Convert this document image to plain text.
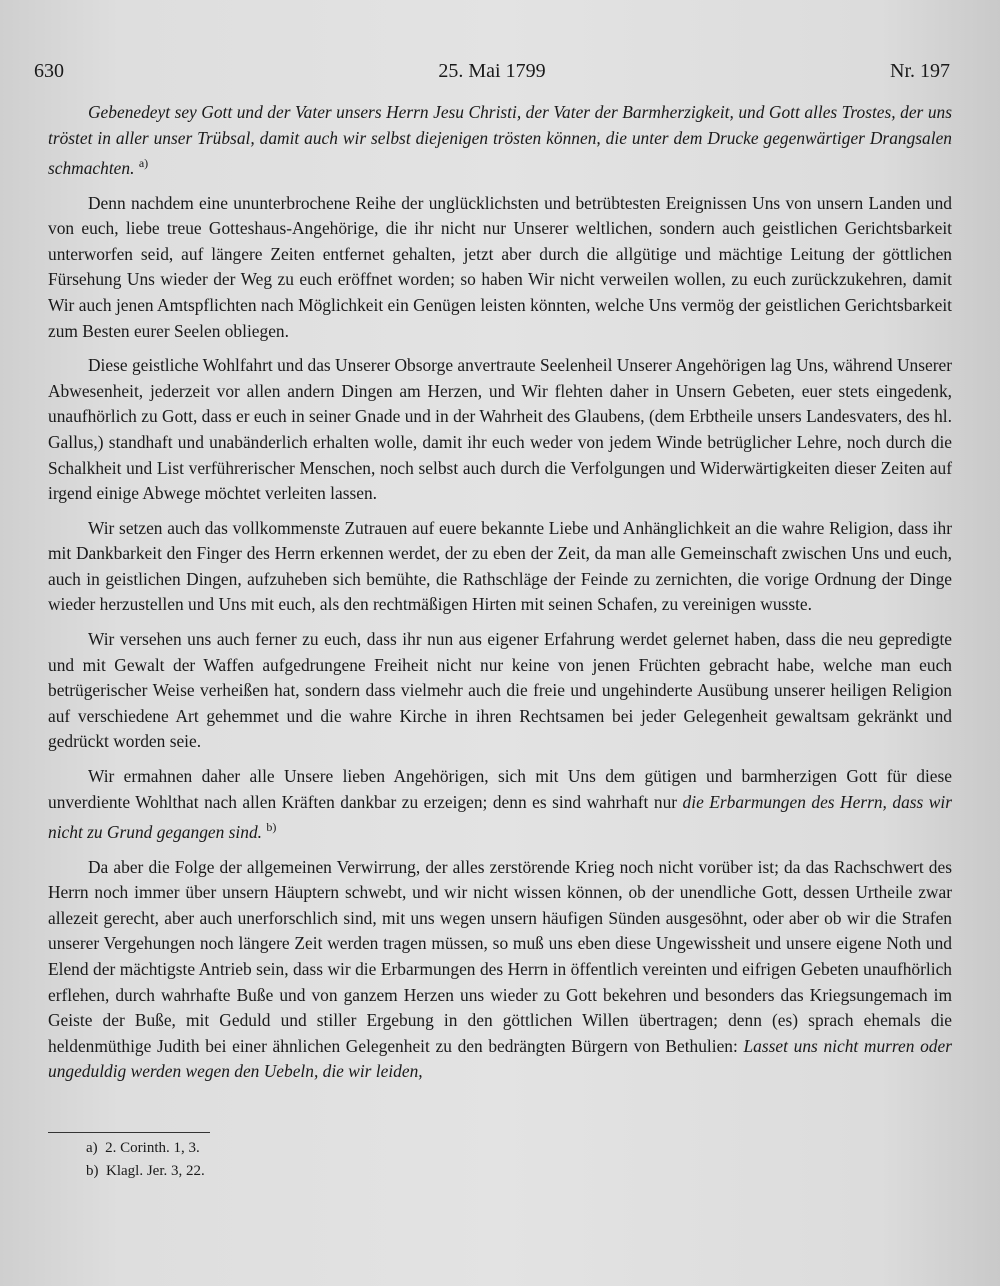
630	25. Mai 1799	Nr. 197

Gebenedeyt sey Gott und der Vater unsers Herrn Jesu Christi, der Vater der Barmherzigkeit, und Gott alles Trostes, der uns tröstet in aller unser Trübsal, damit auch wir selbst diejenigen trösten können, die unter dem Drucke gegenwärtiger Drangsalen schmachten. $^{a)}$

Denn nachdem eine ununterbrochene Reihe der unglücklichsten und betrübtesten Ereignissen Uns von unsern Landen und von euch, liebe treue Gotteshaus-Angehörige, die ihr nicht nur Unserer weltlichen, sondern auch geistlichen Gerichtsbarkeit unterworfen seid, auf längere Zeiten entfernet gehalten, jetzt aber durch die allgütige und mächtige Leitung der göttlichen Fürsehung Uns wieder der Weg zu euch eröffnet worden; so haben Wir nicht verweilen wollen, zu euch zurückzukehren, damit Wir auch jenen Amtspflichten nach Möglichkeit ein Genügen leisten könnten, welche Uns vermög der geistlichen Gerichtsbarkeit zum Besten eurer Seelen obliegen.

Diese geistliche Wohlfahrt und das Unserer Obsorge anvertraute Seelenheil Unserer Angehörigen lag Uns, während Unserer Abwesenheit, jederzeit vor allen andern Dingen am Herzen, und Wir flehten daher in Unsern Gebeten, euer stets eingedenk, unaufhörlich zu Gott, dass er euch in seiner Gnade und in der Wahrheit des Glaubens, (dem Erbtheile unsers Landesvaters, des hl. Gallus,) standhaft und unabänderlich erhalten wolle, damit ihr euch weder von jedem Winde betrüglicher Lehre, noch durch die Schalkheit und List verführerischer Menschen, noch selbst auch durch die Verfolgungen und Widerwärtigkeiten dieser Zeiten auf irgend einige Abwege möchtet verleiten lassen.

Wir setzen auch das vollkommenste Zutrauen auf euere bekannte Liebe und Anhänglichkeit an die wahre Religion, dass ihr mit Dankbarkeit den Finger des Herrn erkennen werdet, der zu eben der Zeit, da man alle Gemeinschaft zwischen Uns und euch, auch in geistlichen Dingen, aufzuheben sich bemühte, die Rathschläge der Feinde zu zernichten, die vorige Ordnung der Dinge wieder herzustellen und Uns mit euch, als den rechtmäßigen Hirten mit seinen Schafen, zu vereinigen wusste.

Wir versehen uns auch ferner zu euch, dass ihr nun aus eigener Erfahrung werdet gelernet haben, dass die neu gepredigte und mit Gewalt der Waffen aufgedrungene Freiheit nicht nur keine von jenen Früchten gebracht habe, welche man euch betrügerischer Weise verheißen hat, sondern dass vielmehr auch die freie und ungehinderte Ausübung unserer heiligen Religion auf verschiedene Art gehemmet und die wahre Kirche in ihren Rechtsamen bei jeder Gelegenheit gewaltsam gekränkt und gedrückt worden seie.

Wir ermahnen daher alle Unsere lieben Angehörigen, sich mit Uns dem gütigen und barmherzigen Gott für diese unverdiente Wohlthat nach allen Kräften dankbar zu erzeigen; denn es sind wahrhaft nur die Erbarmungen des Herrn, dass wir nicht zu Grund gegangen sind. $^{b)}$

Da aber die Folge der allgemeinen Verwirrung, der alles zerstörende Krieg noch nicht vorüber ist; da das Rachschwert des Herrn noch immer über unsern Häuptern schwebt, und wir nicht wissen können, ob der unendliche Gott, dessen Urtheile zwar allezeit gerecht, aber auch unerforschlich sind, mit uns wegen unsern häufigen Sünden ausgesöhnt, oder aber ob wir die Strafen unserer Vergehungen noch längere Zeit werden tragen müssen, so muß uns eben diese Ungewissheit und unsere eigene Noth und Elend der mächtigste Antrieb sein, dass wir die Erbarmungen des Herrn in öffentlich vereinten und eifrigen Gebeten unaufhörlich erflehen, durch wahrhafte Buße und von ganzem Herzen uns wieder zu Gott bekehren und besonders das Kriegsungemach im Geiste der Buße, mit Geduld und stiller Ergebung in den göttlichen Willen übertragen; denn (es) sprach ehemals die heldenmüthige Judith bei einer ähnlichen Gelegenheit zu den bedrängten Bürgern von Bethulien: Lasset uns nicht murren oder ungeduldig werden wegen den Uebeln, die wir leiden,

a) 2. Corinth. 1, 3.
b) Klagl. Jer. 3, 22.
